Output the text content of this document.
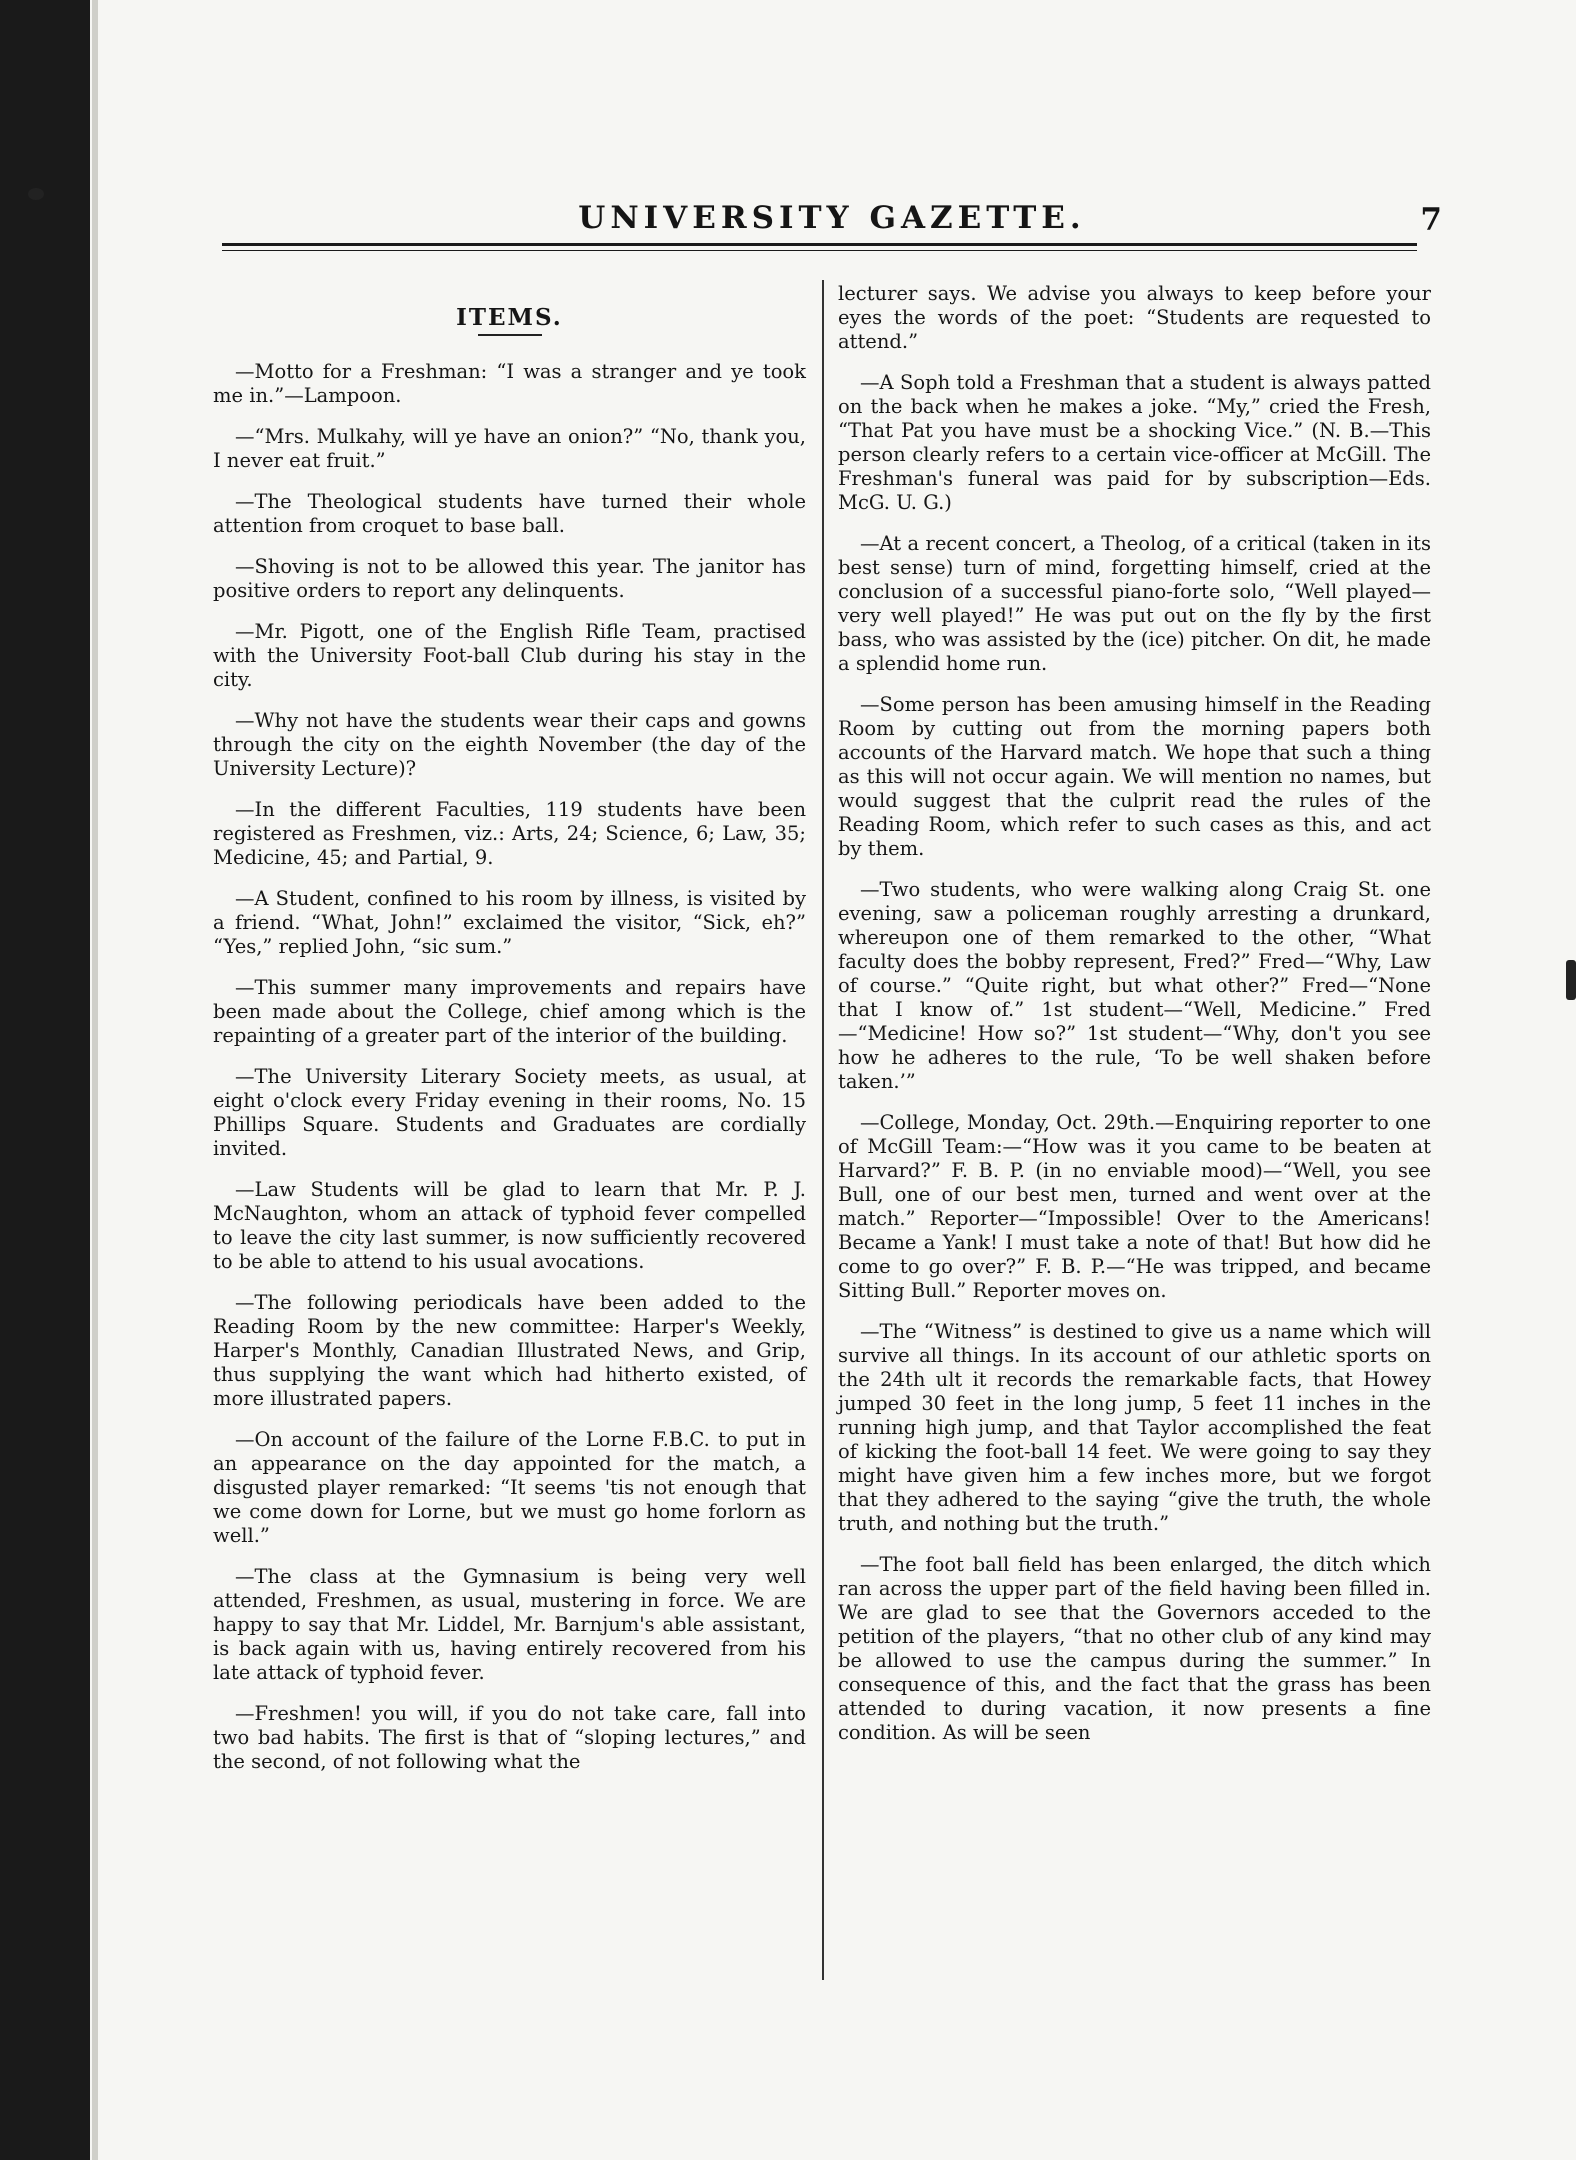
UNIVERSITY GAZETTE.	7
ITEMS.

—Motto for a Freshman: “I was a stranger and ye took me in.”—Lampoon.

—“Mrs. Mulkahy, will ye have an onion?” “No, thank you, I never eat fruit.”

—The Theological students have turned their whole attention from croquet to base ball.

—Shoving is not to be allowed this year. The janitor has positive orders to report any delinquents.

—Mr. Pigott, one of the English Rifle Team, practised with the University Foot-ball Club during his stay in the city.

—Why not have the students wear their caps and gowns through the city on the eighth November (the day of the University Lecture)?

—In the different Faculties, 119 students have been registered as Freshmen, viz.: Arts, 24; Science, 6; Law, 35; Medicine, 45; and Partial, 9.

—A Student, confined to his room by illness, is visited by a friend. “What, John!” exclaimed the visitor, “Sick, eh?” “Yes,” replied John, “sic sum.”

—This summer many improvements and repairs have been made about the College, chief among which is the repainting of a greater part of the interior of the building.

—The University Literary Society meets, as usual, at eight o'clock every Friday evening in their rooms, No. 15 Phillips Square. Students and Graduates are cordially invited.

—Law Students will be glad to learn that Mr. P. J. McNaughton, whom an attack of typhoid fever compelled to leave the city last summer, is now sufficiently recovered to be able to attend to his usual avocations.

—The following periodicals have been added to the Reading Room by the new committee: Harper's Weekly, Harper's Monthly, Canadian Illustrated News, and Grip, thus supplying the want which had hitherto existed, of more illustrated papers.

—On account of the failure of the Lorne F.B.C. to put in an appearance on the day appointed for the match, a disgusted player remarked: “It seems 'tis not enough that we come down for Lorne, but we must go home forlorn as well.”

—The class at the Gymnasium is being very well attended, Freshmen, as usual, mustering in force. We are happy to say that Mr. Liddel, Mr. Barnjum's able assistant, is back again with us, having entirely recovered from his late attack of typhoid fever.

—Freshmen! you will, if you do not take care, fall into two bad habits. The first is that of “sloping lectures,” and the second, of not following what the

lecturer says. We advise you always to keep before your eyes the words of the poet: “Students are requested to attend.”

—A Soph told a Freshman that a student is always patted on the back when he makes a joke. “My,” cried the Fresh, “That Pat you have must be a shocking Vice.” (N. B.—This person clearly refers to a certain vice-officer at McGill. The Freshman's funeral was paid for by subscription—Eds. McG. U. G.)

—At a recent concert, a Theolog, of a critical (taken in its best sense) turn of mind, forgetting himself, cried at the conclusion of a successful piano-forte solo, “Well played—very well played!” He was put out on the fly by the first bass, who was assisted by the (ice) pitcher. On dit, he made a splendid home run.

—Some person has been amusing himself in the Reading Room by cutting out from the morning papers both accounts of the Harvard match. We hope that such a thing as this will not occur again. We will mention no names, but would suggest that the culprit read the rules of the Reading Room, which refer to such cases as this, and act by them.

—Two students, who were walking along Craig St. one evening, saw a policeman roughly arresting a drunkard, whereupon one of them remarked to the other, “What faculty does the bobby represent, Fred?” Fred—“Why, Law of course.” “Quite right, but what other?” Fred—“None that I know of.” 1st student—“Well, Medicine.” Fred—“Medicine! How so?” 1st student—“Why, don't you see how he adheres to the rule, ‘To be well shaken before taken.’”

—College, Monday, Oct. 29th.—Enquiring reporter to one of McGill Team:—“How was it you came to be beaten at Harvard?” F. B. P. (in no enviable mood)—“Well, you see Bull, one of our best men, turned and went over at the match.” Reporter—“Impossible! Over to the Americans! Became a Yank! I must take a note of that! But how did he come to go over?” F. B. P.—“He was tripped, and became Sitting Bull.” Reporter moves on.

—The “Witness” is destined to give us a name which will survive all things. In its account of our athletic sports on the 24th ult it records the remarkable facts, that Howey jumped 30 feet in the long jump, 5 feet 11 inches in the running high jump, and that Taylor accomplished the feat of kicking the foot-ball 14 feet. We were going to say they might have given him a few inches more, but we forgot that they adhered to the saying “give the truth, the whole truth, and nothing but the truth.”

—The foot ball field has been enlarged, the ditch which ran across the upper part of the field having been filled in. We are glad to see that the Governors acceded to the petition of the players, “that no other club of any kind may be allowed to use the campus during the summer.” In consequence of this, and the fact that the grass has been attended to during vacation, it now presents a fine condition. As will be seen
